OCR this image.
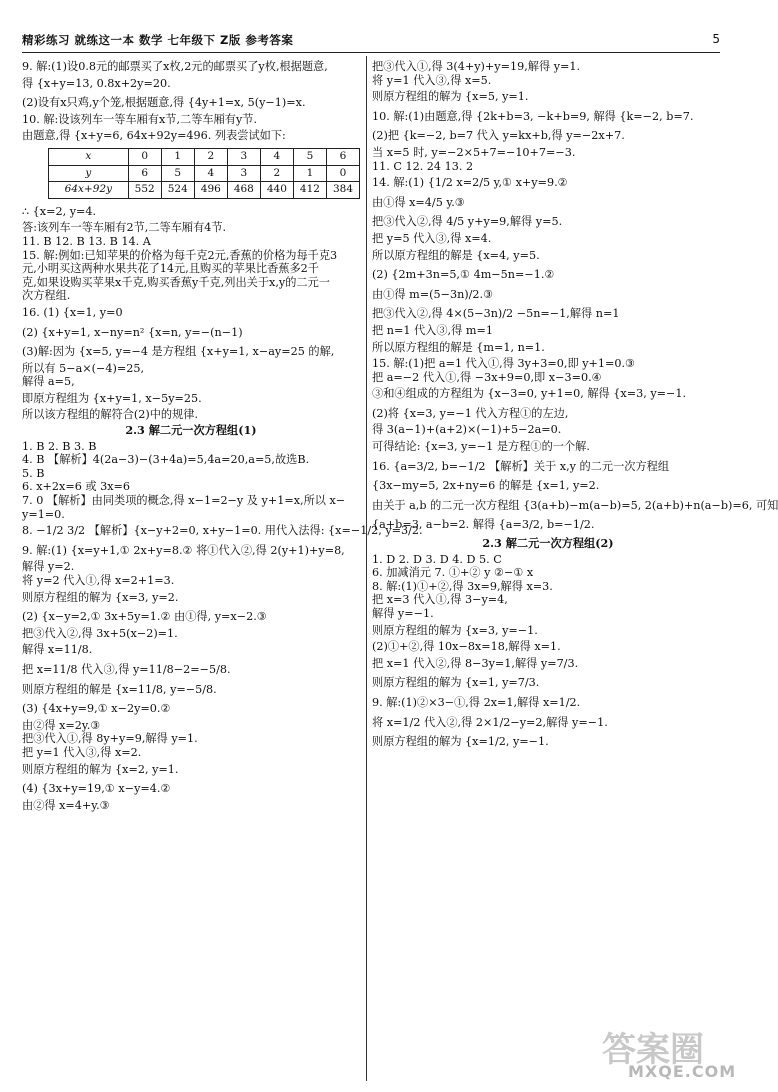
精彩练习 就练这一本 数学 七年级下 Z版 参考答案	5
9. 解:(1)设0.8元的邮票买了x枚,2元的邮票买了y枚,根据题意,
得 {x+y=13, 0.8x+2y=20.
(2)设有x只鸡,y个笼,根据题意,得 {4y+1=x, 5(y−1)=x.
10. 解:设该列车一等车厢有x节,二等车厢有y节.
由题意,得 {x+y=6, 64x+92y=496. 列表尝试如下:
x	0	1	2	3	4	5	6
y	6	5	4	3	2	1	0
64x+92y	552	524	496	468	440	412	384
∴ {x=2, y=4.
答:该列车一等车厢有2节,二等车厢有4节.
11. B 12. B 13. B 14. A
15. 解:例如:已知苹果的价格为每千克2元,香蕉的价格为每千克3
元,小明买这两种水果共花了14元,且购买的苹果比香蕉多2千
克,如果设购买苹果x千克,购买香蕉y千克,列出关于x,y的二元一
次方程组.
16. (1) {x=1, y=0
(2) {x+y=1, x−ny=n² {x=n, y=−(n−1)
(3)解:因为 {x=5, y=−4 是方程组 {x+y=1, x−ay=25 的解,
所以有 5−a×(−4)=25,
解得 a=5,
即原方程组为 {x+y=1, x−5y=25.
所以该方程组的解符合(2)中的规律.
2.3 解二元一次方程组(1)
1. B 2. B 3. B
4. B 【解析】4(2a−3)−(3+4a)=5,4a=20,a=5,故选B.
5. B
6. x+2x=6 或 3x=6
7. 0 【解析】由同类项的概念,得 x−1=2−y 及 y+1=x,所以 x−
y=1=0.
8. −1/2 3/2 【解析】{x−y+2=0, x+y−1=0. 用代入法得: {x=−1/2, y=3/2.
9. 解:(1) {x=y+1,① 2x+y=8.② 将①代入②,得 2(y+1)+y=8,
解得 y=2.
将 y=2 代入①,得 x=2+1=3.
则原方程组的解为 {x=3, y=2.
(2) {x−y=2,① 3x+5y=1.② 由①得, y=x−2.③
把③代入②,得 3x+5(x−2)=1.
解得 x=11/8.
把 x=11/8 代入③,得 y=11/8−2=−5/8.
则原方程组的解是 {x=11/8, y=−5/8.
(3) {4x+y=9,① x−2y=0.②
由②得 x=2y.③
把③代入①,得 8y+y=9,解得 y=1.
把 y=1 代入③,得 x=2.
则原方程组的解为 {x=2, y=1.
(4) {3x+y=19,① x−y=4.②
由②得 x=4+y.③
把③代入①,得 3(4+y)+y=19,解得 y=1.
将 y=1 代入③,得 x=5.
则原方程组的解为 {x=5, y=1.
10. 解:(1)由题意,得 {2k+b=3, −k+b=9, 解得 {k=−2, b=7.
(2)把 {k=−2, b=7 代入 y=kx+b,得 y=−2x+7.
当 x=5 时, y=−2×5+7=−10+7=−3.
11. C 12. 24 13. 2
14. 解:(1) {1/2 x=2/5 y,① x+y=9.②
由①得 x=4/5 y.③
把③代入②,得 4/5 y+y=9,解得 y=5.
把 y=5 代入③,得 x=4.
所以原方程组的解是 {x=4, y=5.
(2) {2m+3n=5,① 4m−5n=−1.②
由①得 m=(5−3n)/2.③
把③代入②,得 4×(5−3n)/2 −5n=−1,解得 n=1
把 n=1 代入③,得 m=1
所以原方程组的解是 {m=1, n=1.
15. 解:(1)把 a=1 代入①,得 3y+3=0,即 y+1=0.③
把 a=−2 代入①,得 −3x+9=0,即 x−3=0.④
③和④组成的方程组为 {x−3=0, y+1=0, 解得 {x=3, y=−1.
(2)将 {x=3, y=−1 代入方程①的左边,
得 3(a−1)+(a+2)×(−1)+5−2a=0.
可得结论: {x=3, y=−1 是方程①的一个解.
16. {a=3/2, b=−1/2 【解析】关于 x,y 的二元一次方程组
{3x−my=5, 2x+ny=6 的解是 {x=1, y=2.
由关于 a,b 的二元一次方程组 {3(a+b)−m(a−b)=5, 2(a+b)+n(a−b)=6, 可知
{a+b=3, a−b=2. 解得 {a=3/2, b=−1/2.
2.3 解二元一次方程组(2)
1. D 2. D 3. D 4. D 5. C
6. 加减消元 7. ①+② y ②−① x
8. 解:(1)①+②,得 3x=9,解得 x=3.
把 x=3 代入①,得 3−y=4,
解得 y=−1.
则原方程组的解为 {x=3, y=−1.
(2)①+②,得 10x−8x=18,解得 x=1.
把 x=1 代入②,得 8−3y=1,解得 y=7/3.
则原方程组的解为 {x=1, y=7/3.
9. 解:(1)②×3−①,得 2x=1,解得 x=1/2.
将 x=1/2 代入②,得 2×1/2−y=2,解得 y=−1.
则原方程组的解为 {x=1/2, y=−1.
答案圈
MXQE.COM
